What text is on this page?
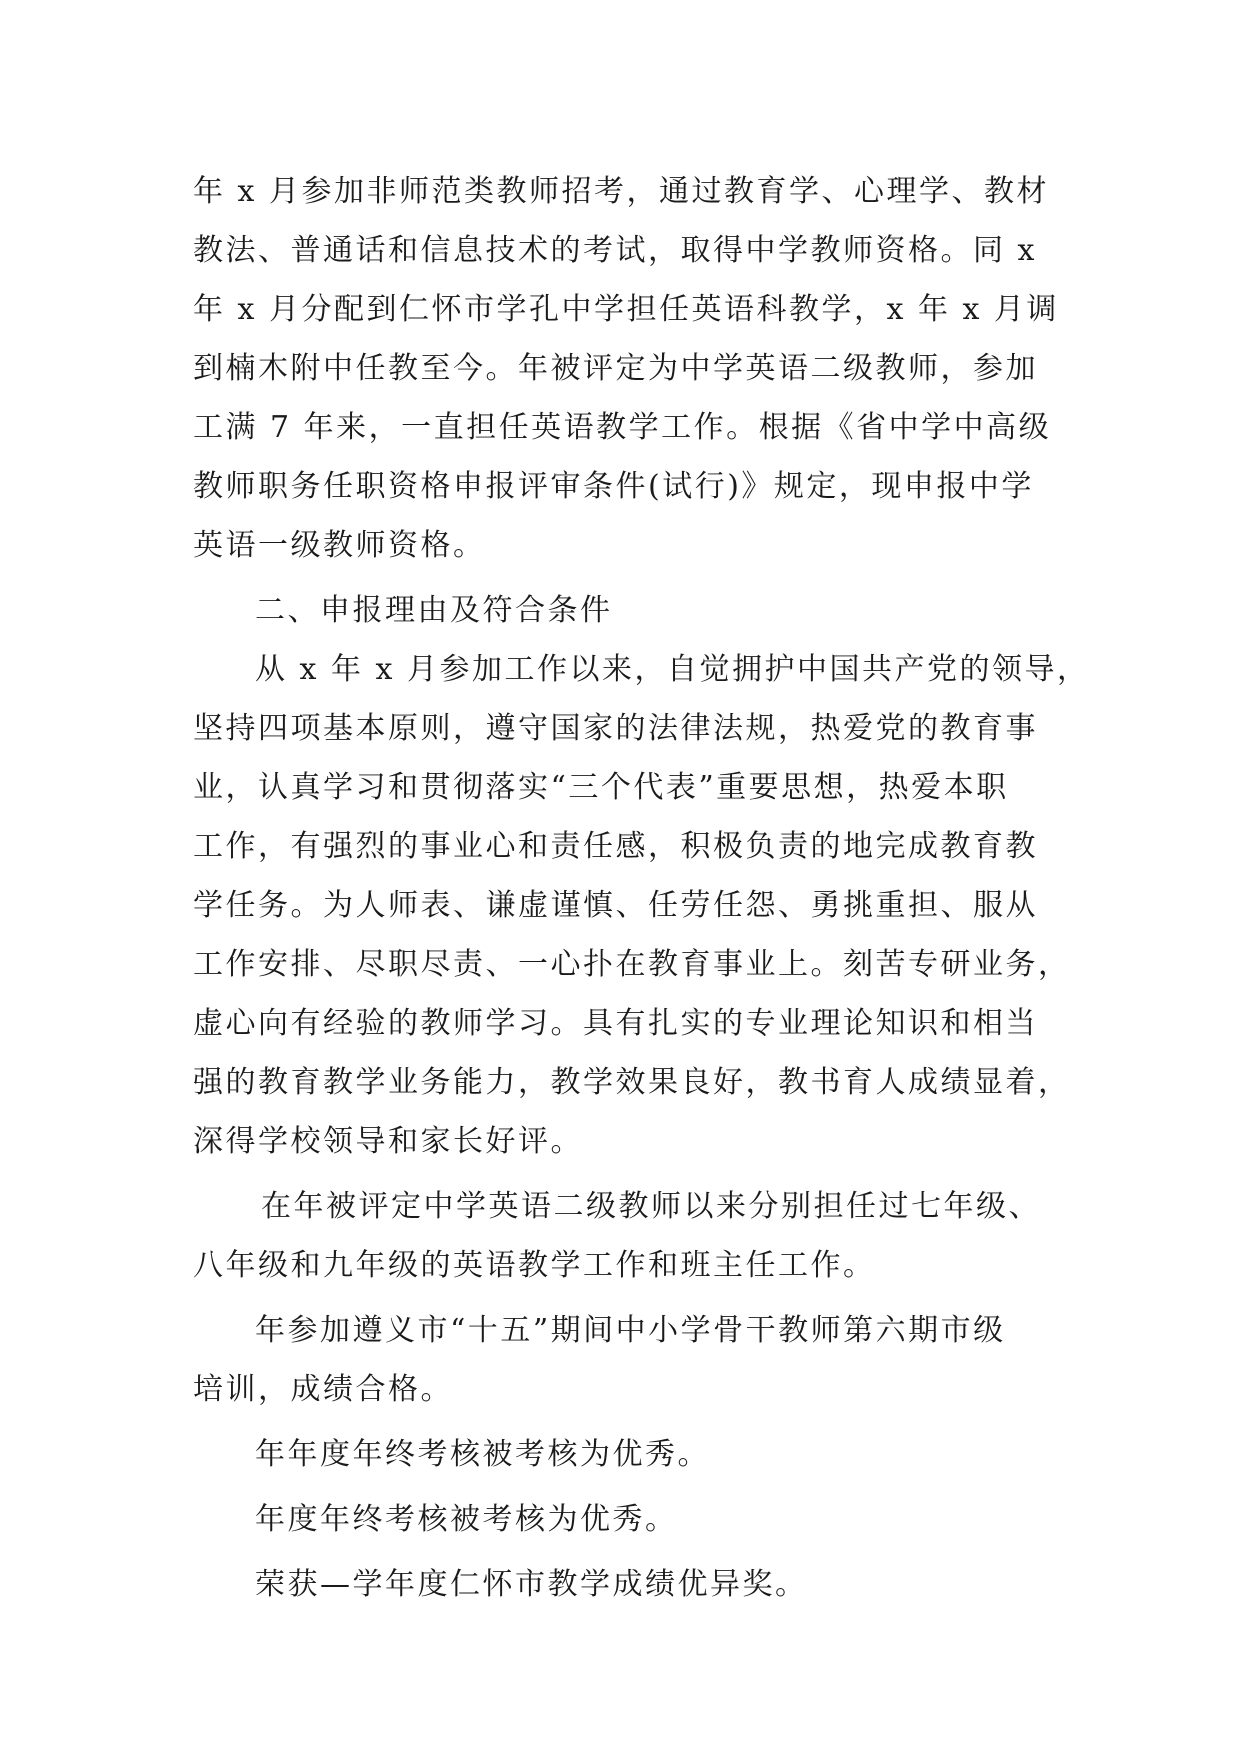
年 x 月参加非师范类教师招考，通过教育学、心理学、教材
教法、普通话和信息技术的考试，取得中学教师资格。同 x
年 x 月分配到仁怀市学孔中学担任英语科教学，x 年 x 月调
到楠木附中任教至今。年被评定为中学英语二级教师，参加
工满 7 年来，一直担任英语教学工作。根据《省中学中高级
教师职务任职资格申报评审条件(试行)》规定，现申报中学
英语一级教师资格。
二、申报理由及符合条件
从 x 年 x 月参加工作以来，自觉拥护中国共产党的领导，
坚持四项基本原则，遵守国家的法律法规，热爱党的教育事
业，认真学习和贯彻落实“三个代表”重要思想，热爱本职
工作，有强烈的事业心和责任感，积极负责的地完成教育教
学任务。为人师表、谦虚谨慎、任劳任怨、勇挑重担、服从
工作安排、尽职尽责、一心扑在教育事业上。刻苦专研业务，
虚心向有经验的教师学习。具有扎实的专业理论知识和相当
强的教育教学业务能力，教学效果良好，教书育人成绩显着，
深得学校领导和家长好评。
在年被评定中学英语二级教师以来分别担任过七年级、
八年级和九年级的英语教学工作和班主任工作。
年参加遵义市“十五”期间中小学骨干教师第六期市级
培训，成绩合格。
年年度年终考核被考核为优秀。
年度年终考核被考核为优秀。
荣获—学年度仁怀市教学成绩优异奖。
